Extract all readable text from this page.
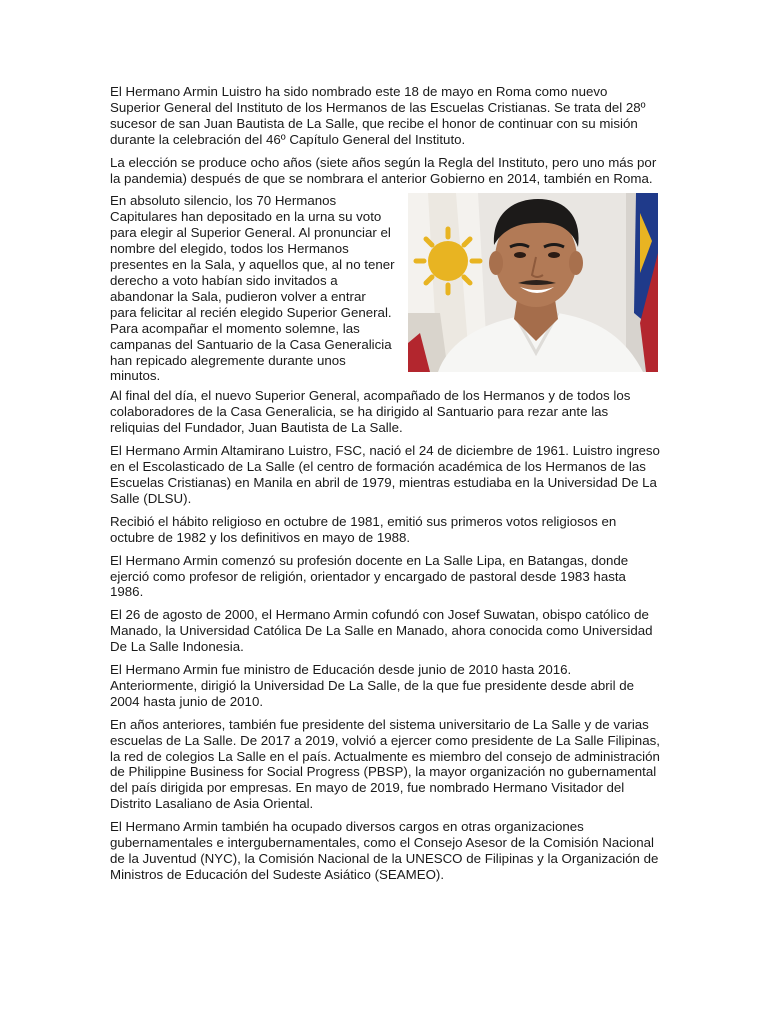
El Hermano Armin Luistro ha sido nombrado este 18 de mayo en Roma como nuevo Superior General del Instituto de los Hermanos de las Escuelas Cristianas. Se trata del 28º sucesor de san Juan Bautista de La Salle, que recibe el honor de continuar con su misión durante la celebración del 46º Capítulo General del Instituto.

La elección se produce ocho años (siete años según la Regla del Instituto, pero uno más por la pandemia) después de que se nombrara el anterior Gobierno en 2014, también en Roma.

En absoluto silencio, los 70 Hermanos Capitulares han depositado en la urna su voto para elegir al Superior General. Al pronunciar el nombre del elegido, todos los Hermanos presentes en la Sala, y aquellos que, al no tener derecho a voto habían sido invitados a abandonar la Sala, pudieron volver a entrar para felicitar al recién elegido Superior General. Para acompañar el momento solemne, las campanas del Santuario de la Casa Generalicia han repicado alegremente durante unos minutos.

Al final del día, el nuevo Superior General, acompañado de los Hermanos y de todos los colaboradores de la Casa Generalicia, se ha dirigido al Santuario para rezar ante las reliquias del Fundador, Juan Bautista de La Salle.

El Hermano Armin Altamirano Luistro, FSC, nació el 24 de diciembre de 1961. Luistro ingreso en el Escolasticado de La Salle (el centro de formación académica de los Hermanos de las Escuelas Cristianas) en Manila en abril de 1979, mientras estudiaba en la Universidad De La Salle (DLSU).

Recibió el hábito religioso en octubre de 1981, emitió sus primeros votos religiosos en octubre de 1982 y los definitivos en mayo de 1988.

El Hermano Armin comenzó su profesión docente en La Salle Lipa, en Batangas, donde ejerció como profesor de religión, orientador y encargado de pastoral desde 1983 hasta 1986.

El 26 de agosto de 2000, el Hermano Armin cofundó con Josef Suwatan, obispo católico de Manado, la Universidad Católica De La Salle en Manado, ahora conocida como Universidad De La Salle Indonesia.

El Hermano Armin fue ministro de Educación desde junio de 2010 hasta 2016. Anteriormente, dirigió la Universidad De La Salle, de la que fue presidente desde abril de 2004 hasta junio de 2010.

En años anteriores, también fue presidente del sistema universitario de La Salle y de varias escuelas de La Salle. De 2017 a 2019, volvió a ejercer como presidente de La Salle Filipinas, la red de colegios La Salle en el país. Actualmente es miembro del consejo de administración de Philippine Business for Social Progress (PBSP), la mayor organización no gubernamental del país dirigida por empresas. En mayo de 2019, fue nombrado Hermano Visitador del Distrito Lasaliano de Asia Oriental.

El Hermano Armin también ha ocupado diversos cargos en otras organizaciones gubernamentales e intergubernamentales, como el Consejo Asesor de la Comisión Nacional de la Juventud (NYC), la Comisión Nacional de la UNESCO de Filipinas y la Organización de Ministros de Educación del Sudeste Asiático (SEAMEO).
